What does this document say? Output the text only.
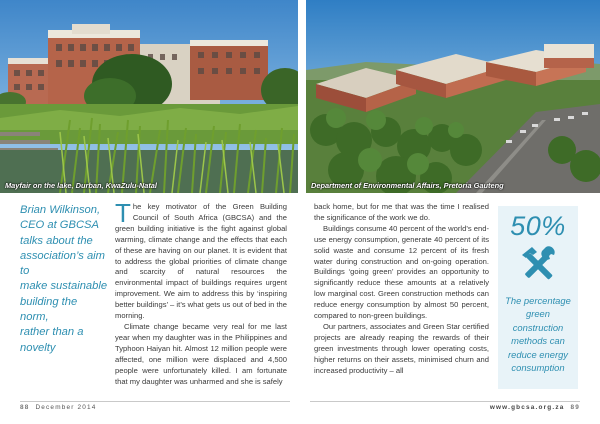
Mayfair on the lake, Durban, KwaZulu-Natal	Department of Environmental Affairs, Pretoria Gauteng

Brian Wilkinson,

CEO at GBCSA

talks about the

association’s aim to

make sustainable

building the norm,

rather than a

novelty

The key motivator of the Green Building Council of South Africa (GBCSA) and the green building initiative is the fight against global warming, climate change and the effects that each of these are having on our planet. It is evident that to address the global priorities of climate change and scarcity of natural resources the environmental impact of buildings requires urgent improvement. We aim to address this by ‘inspiring better buildings’ – it’s what gets us out of bed in the morning.

Climate change became very real for me last year when my daughter was in the Philippines and Typhoon Haiyan hit. Almost 12 million people were affected, one million were displaced and 4,500 people were unfortunately killed. I am fortunate that my daughter was unharmed and she is safely

back home, but for me that was the time I realised the significance of the work we do.

Buildings consume 40 percent of the world’s end-use energy consumption, generate 40 percent of its solid waste and consume 12 percent of its fresh water during construction and on-going operation. Buildings ‘going green’ provides an opportunity to significantly reduce these amounts at a relatively low marginal cost. Green construction methods can reduce energy consumption by almost 50 percent, compared to non-green buildings.

Our partners, associates and Green Star certified projects are already reaping the rewards of their green investments through lower operating costs, higher returns on their assets, minimised churn and increased productivity – all

50%
The percentage green construction methods can reduce energy consumption
88 December 2014	www.gbcsa.org.za 89
